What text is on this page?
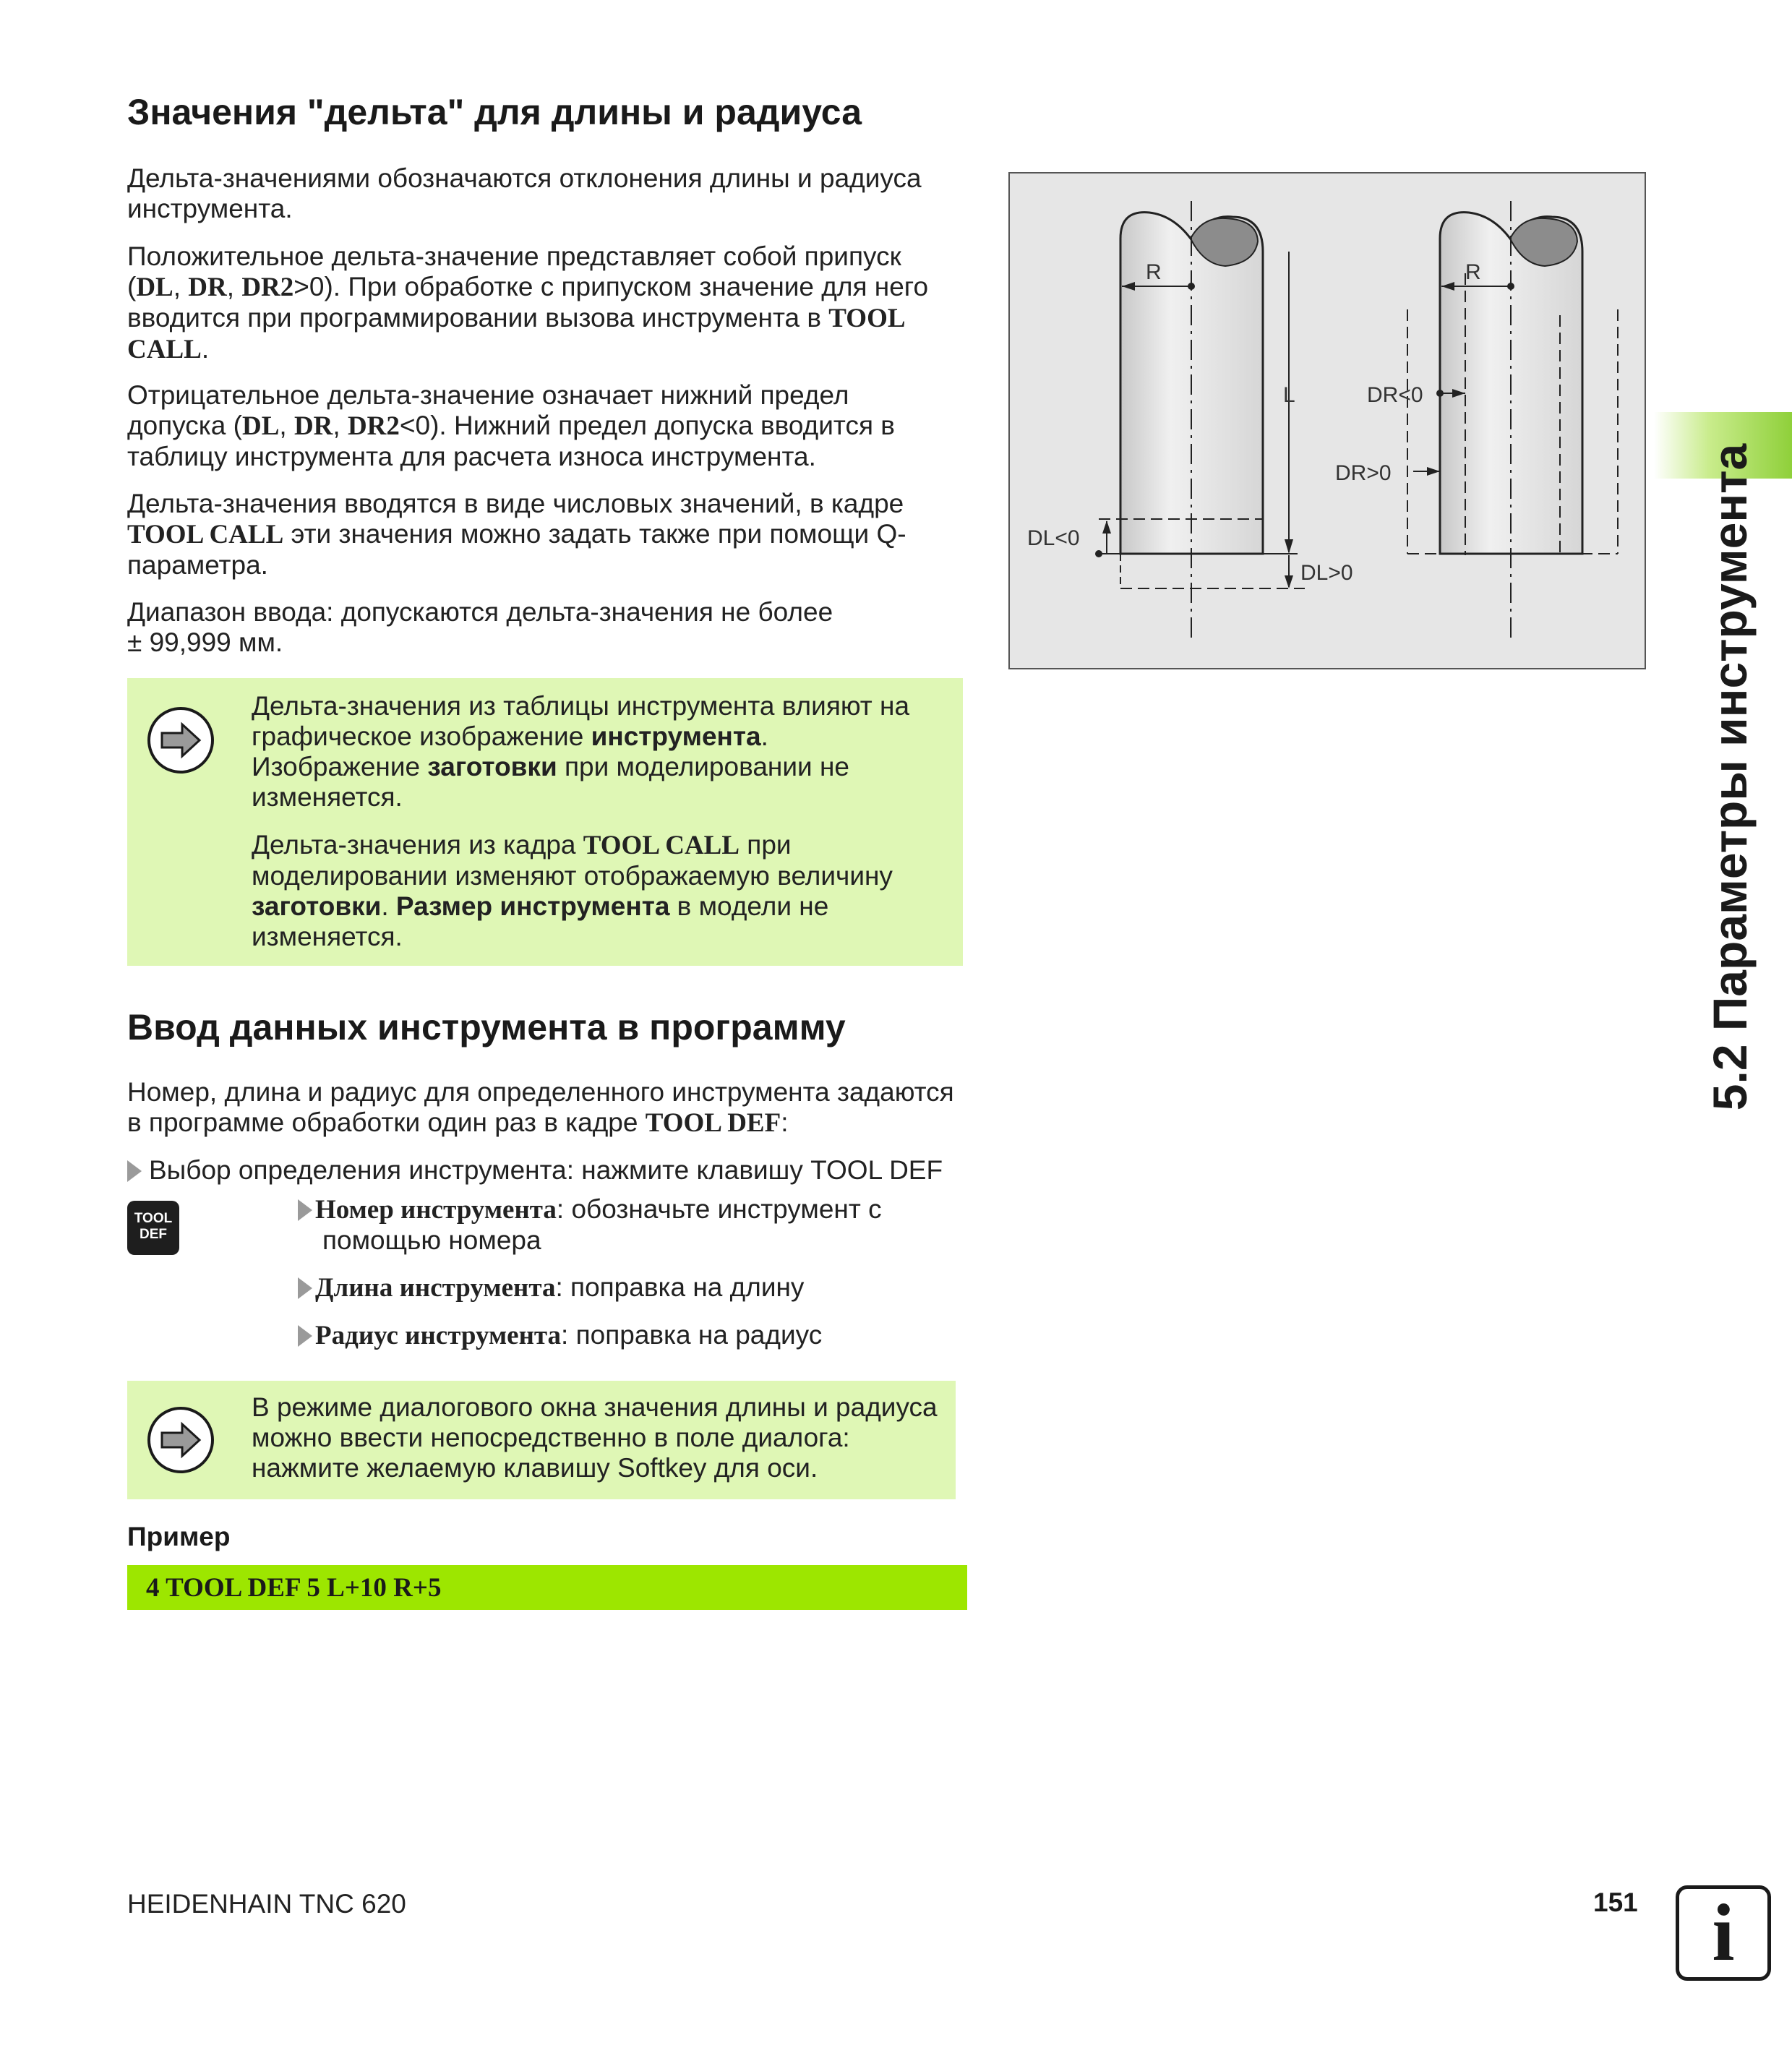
Значения "дельта" для длины и радиуса

Дельта-значениями обозначаются отклонения длины и радиуса инструмента.

Положительное дельта-значение представляет собой припуск
(DL, DR, DR2>0). При обработке с припуском значение для него
вводится при программировании вызова инструмента в TOOL
CALL.
Отрицательное дельта-значение означает нижний предел
допуска (DL, DR, DR2<0). Нижний предел допуска вводится в
таблицу инструмента для расчета износа инструмента.
Дельта-значения вводятся в виде числовых значений, в кадре
TOOL CALL эти значения можно задать также при помощи Q-
параметра.
Диапазон ввода: допускаются дельта-значения не более
± 99,999 мм.
Дельта-значения из таблицы инструмента влияют на
графическое изображение инструмента.
Изображение заготовки при моделировании не
изменяется.
Дельта-значения из кадра TOOL CALL при
моделировании изменяют отображаемую величину
заготовки. Размер инструмента в модели не
изменяется.
Ввод данных инструмента в программу
Номер, длина и радиус для определенного инструмента задаются
в программе обработки один раз в кадре TOOL DEF:
Выбор определения инструмента: нажмите клавишу TOOL DEF
TOOL
DEF
Номер инструмента: обозначьте инструмент с
помощью номера
Длина инструмента: поправка на длину
Радиус инструмента: поправка на радиус
В режиме диалогового окна значения длины и радиуса
можно ввести непосредственно в поле диалога:
нажмите желаемую клавишу Softkey для оси.
Пример
4 TOOL DEF 5 L+10 R+5
R	R
L
DL<0
DL>0
DR<0
DR>0	5.2 Параметры инструмента
HEIDENHAIN TNC 620	151 i
